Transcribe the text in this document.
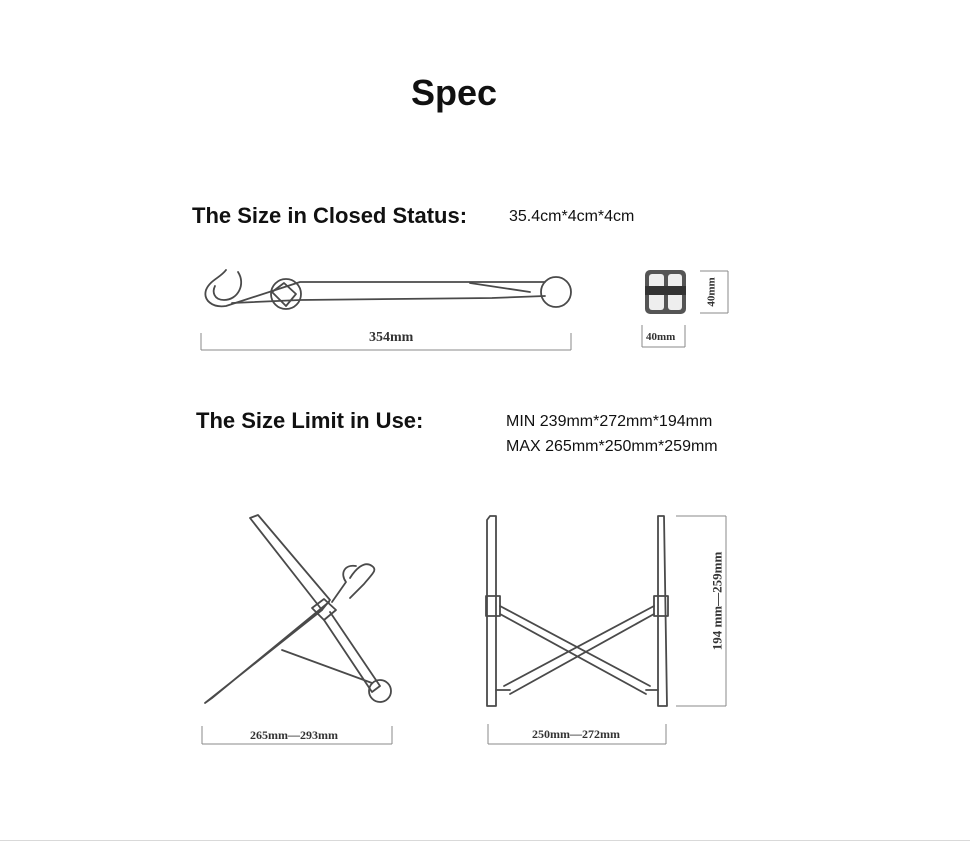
Spec
The Size in Closed Status:	35.4cm*4cm*4cm
The Size Limit in Use:	MIN 239mm*272mm*194mm
MAX 265mm*250mm*259mm
354mm	40mm
40mm
265mm—293mm	250mm—272mm
194 mm—259mm
